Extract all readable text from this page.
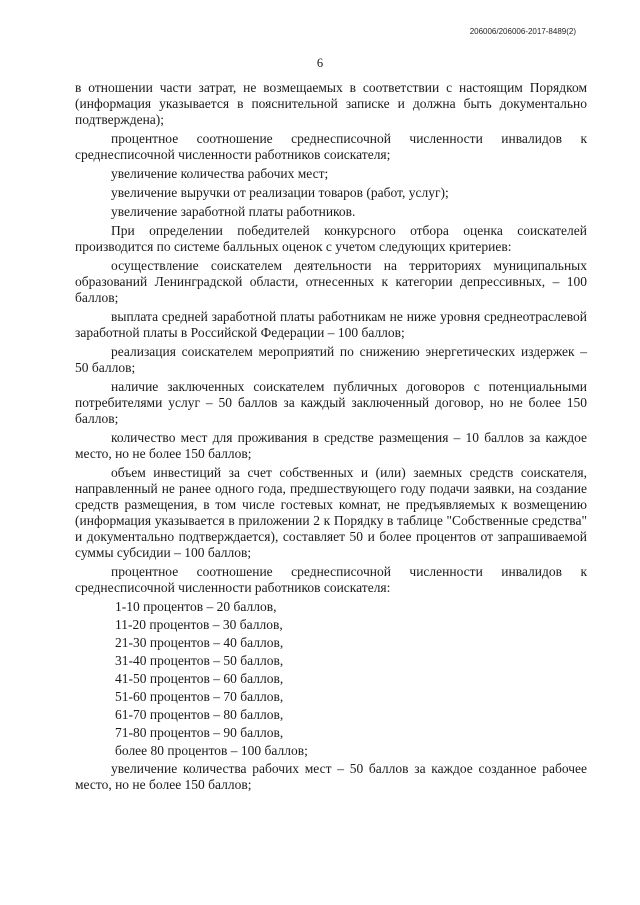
206006/206006-2017-8489(2)
6

в отношении части затрат, не возмещаемых в соответствии с настоящим Порядком (информация указывается в пояснительной записке и должна быть документально подтверждена);

процентное соотношение среднесписочной численности инвалидов к среднесписочной численности работников соискателя;

увеличение количества рабочих мест;

увеличение выручки от реализации товаров (работ, услуг);

увеличение заработной платы работников.

При определении победителей конкурсного отбора оценка соискателей производится по системе балльных оценок с учетом следующих критериев:

осуществление соискателем деятельности на территориях муниципальных образований Ленинградской области, отнесенных к категории депрессивных, – 100 баллов;

выплата средней заработной платы работникам не ниже уровня среднеотраслевой заработной платы в Российской Федерации – 100 баллов;

реализация соискателем мероприятий по снижению энергетических издержек – 50 баллов;

наличие заключенных соискателем публичных договоров с потенциальными потребителями услуг – 50 баллов за каждый заключенный договор, но не более 150 баллов;

количество мест для проживания в средстве размещения – 10 баллов за каждое место, но не более 150 баллов;

объем инвестиций за счет собственных и (или) заемных средств соискателя, направленный не ранее одного года, предшествующего году подачи заявки, на создание средств размещения, в том числе гостевых комнат, не предъявляемых к возмещению (информация указывается в приложении 2 к Порядку в таблице "Собственные средства" и документально подтверждается), составляет 50 и более процентов от запрашиваемой суммы субсидии – 100 баллов;

процентное соотношение среднесписочной численности инвалидов к среднесписочной численности работников соискателя:

1-10 процентов – 20 баллов,

11-20 процентов – 30 баллов,

21-30 процентов – 40 баллов,

31-40 процентов – 50 баллов,

41-50 процентов – 60 баллов,

51-60 процентов – 70 баллов,

61-70 процентов – 80 баллов,

71-80 процентов – 90 баллов,

более 80 процентов – 100 баллов;

увеличение количества рабочих мест – 50 баллов за каждое созданное рабочее место, но не более 150 баллов;
